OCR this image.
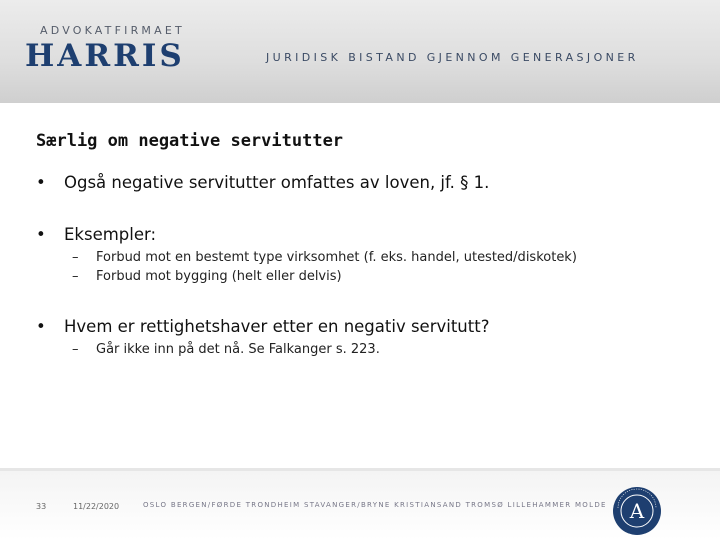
ADVOKATFIRMAET
HARRIS	JURIDISK BISTAND GJENNOM GENERASJONER
Særlig om negative servitutter
• Også negative servitutter omfattes av loven, jf. § 1.
• Eksempler:
– Forbud mot en bestemt type virksomhet (f. eks. handel, utested/diskotek)
– Forbud mot bygging (helt eller delvis)
• Hvem er rettighetshaver etter en negativ servitutt?
– Går ikke inn på det nå. Se Falkanger s. 223.
33	11/22/2020	OSLO BERGEN/FØRDE TRONDHEIM STAVANGER/BRYNE KRISTIANSAND TROMSØ LILLEHAMMER MOLDE A
